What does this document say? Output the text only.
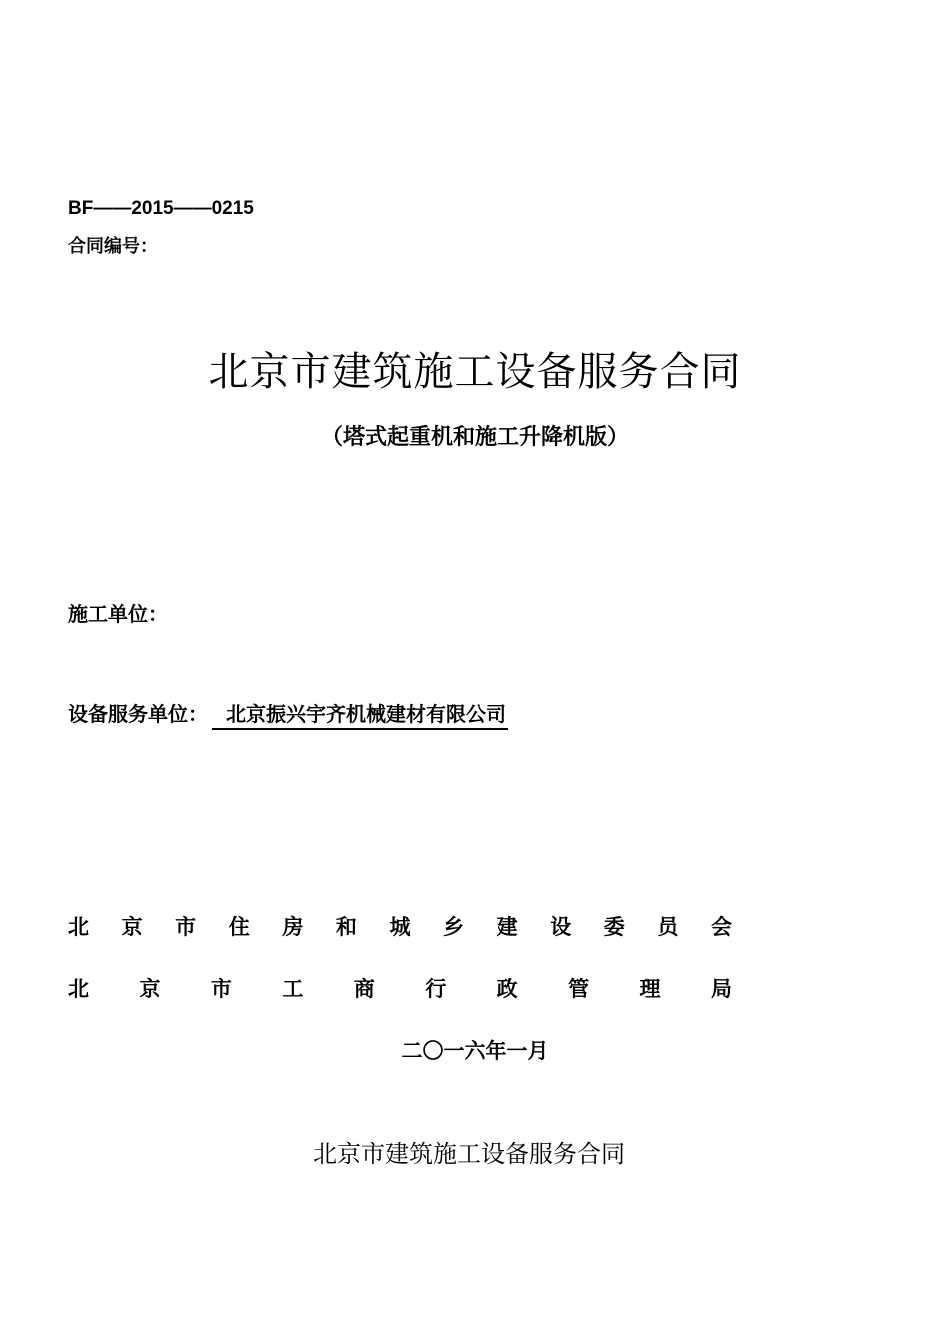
BF——2015——0215
合同编号：
北京市建筑施工设备服务合同
（塔式起重机和施工升降机版）
施工单位：
设备服务单位： 北京振兴宇齐机械建材有限公司
北 京 市 住 房 和 城 乡 建 设 委 员 会
北 京 市 工 商 行 政 管 理 局
二〇一六年一月
北京市建筑施工设备服务合同
